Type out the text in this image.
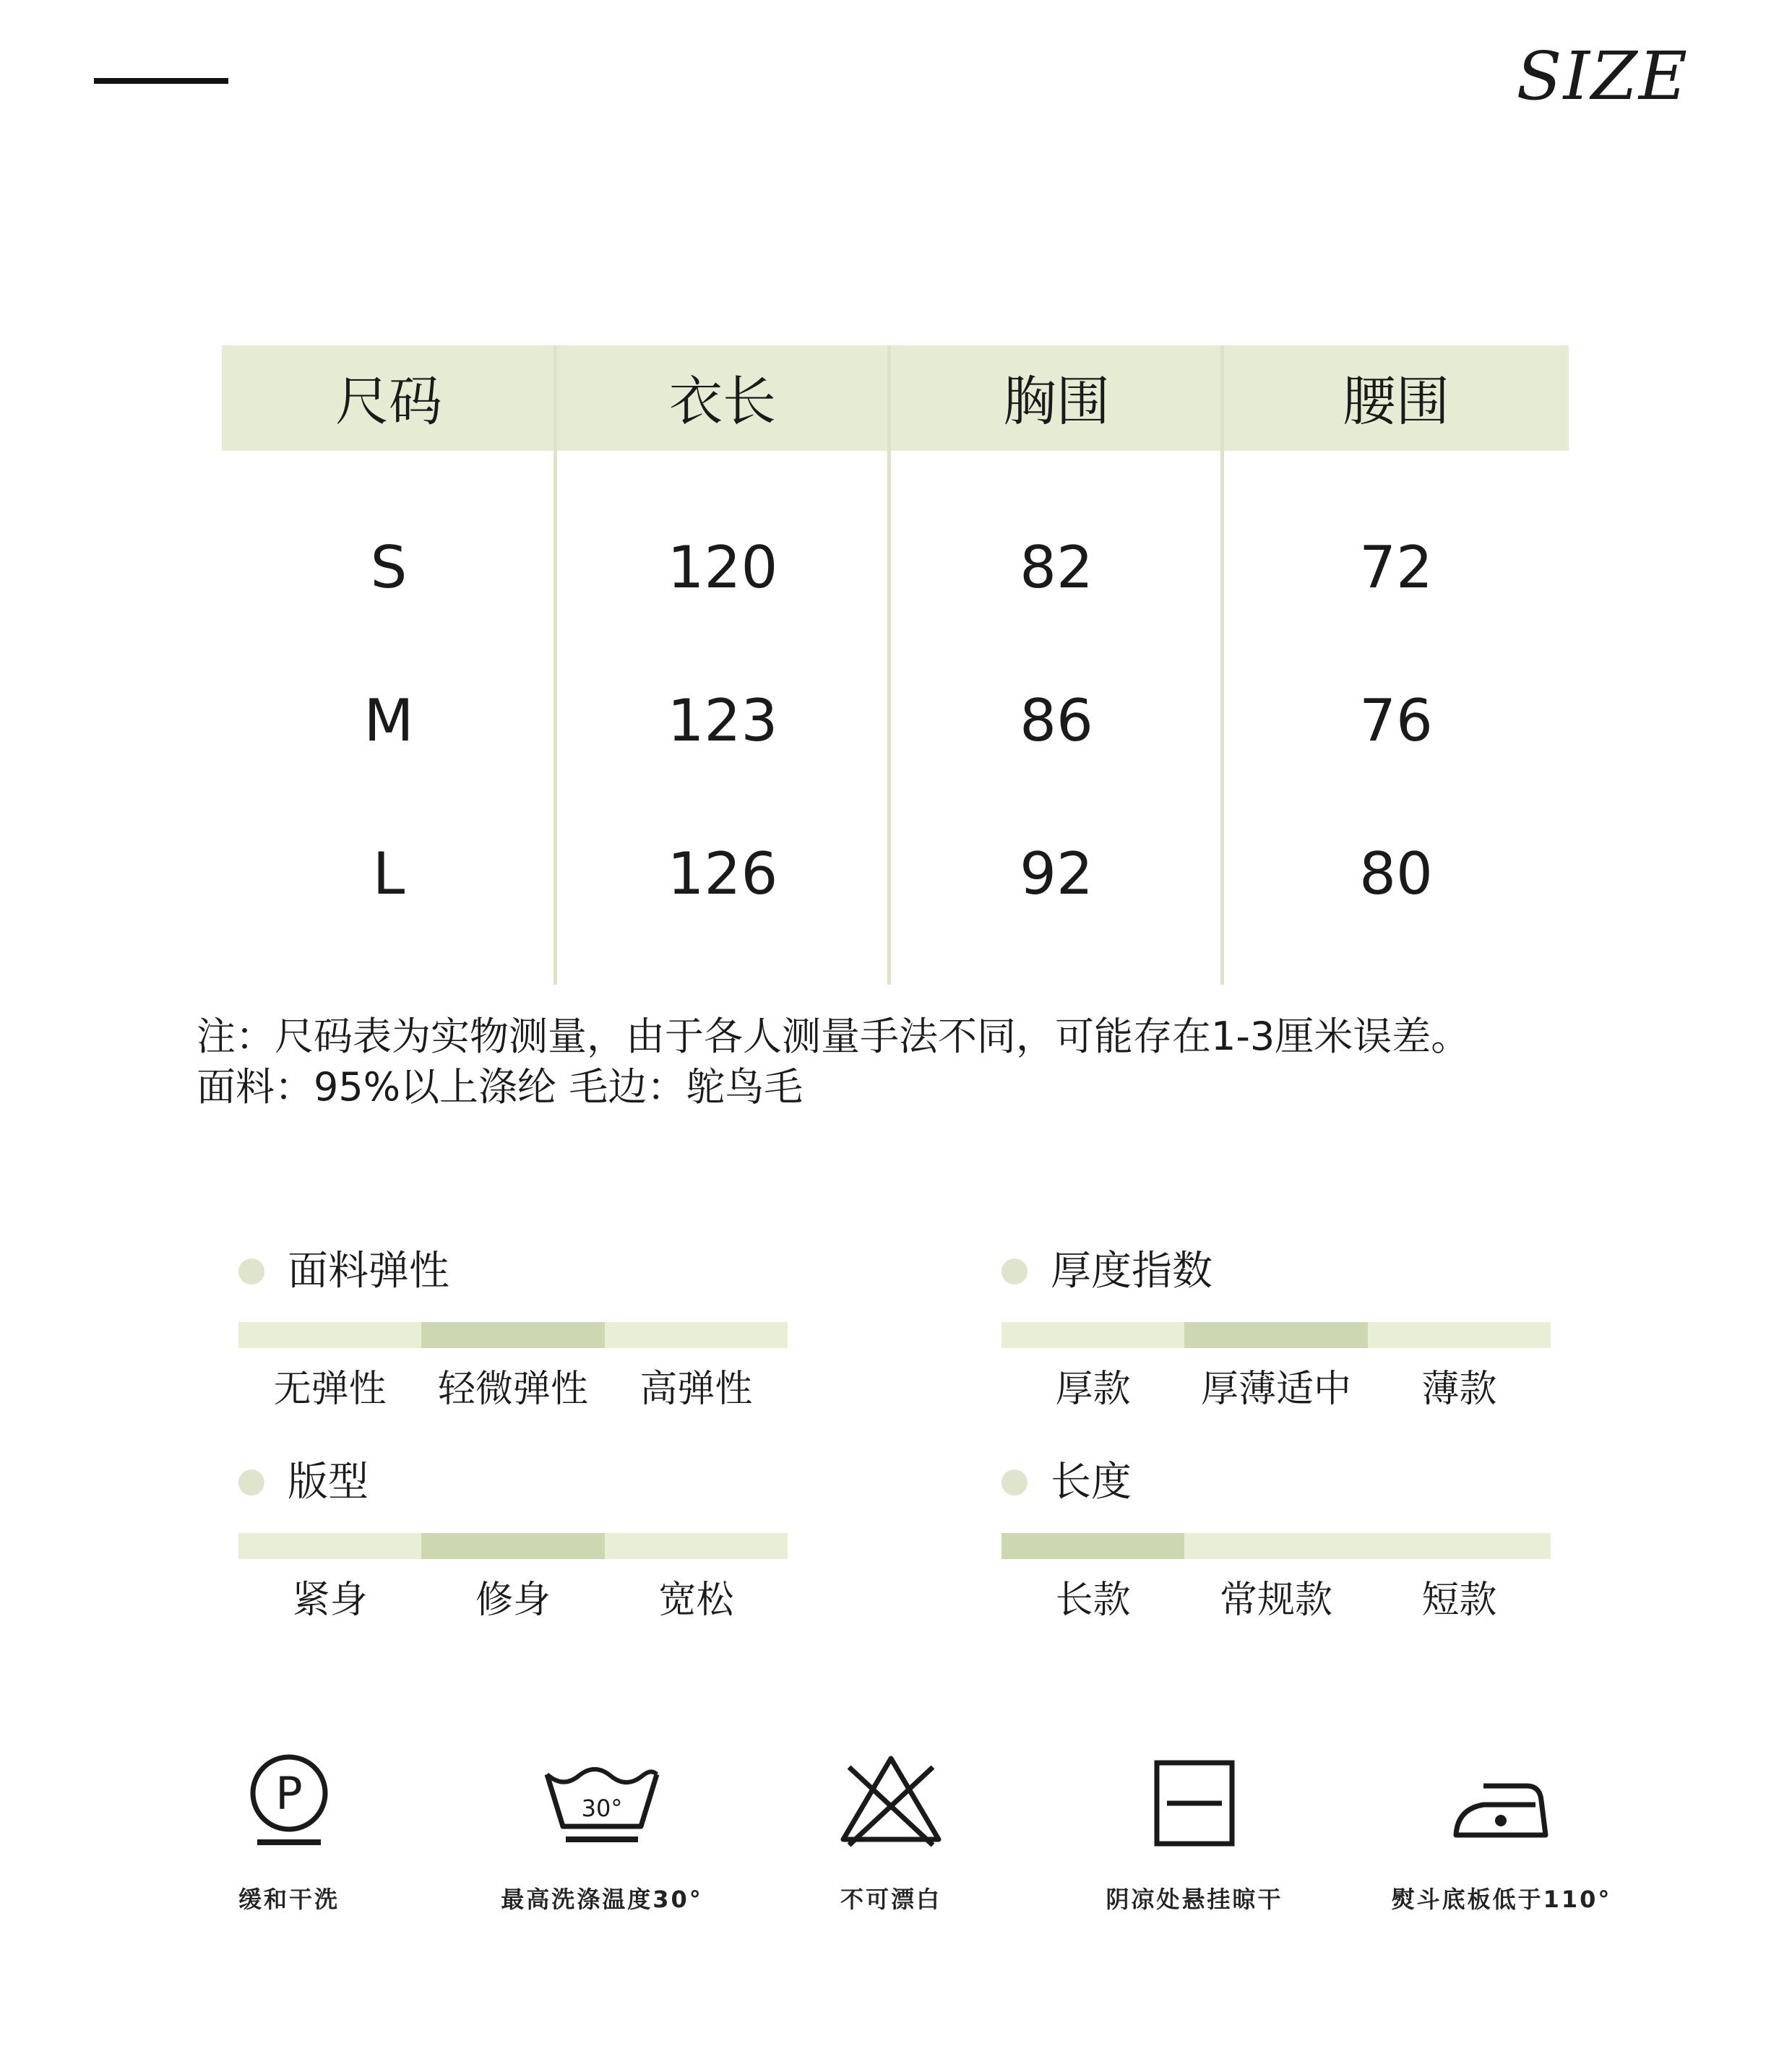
SIZE
尺码	衣长	胸围	腰围
S	120	82	72
M	123	86	76
L	126	92	80
注：尺码表为实物测量，由于各人测量手法不同，可能存在1-3厘米误差。
面料：95%以上涤纶 毛边：鸵鸟毛
面料弹性
无弹性	轻微弹性	高弹性
厚度指数
厚款	厚薄适中	薄款
版型
紧身	修身	宽松
长度
长款	常规款	短款
P
缓和干洗
30°
最高洗涤温度30°	不可漂白	阴凉处悬挂晾干	熨斗底板低于110°
